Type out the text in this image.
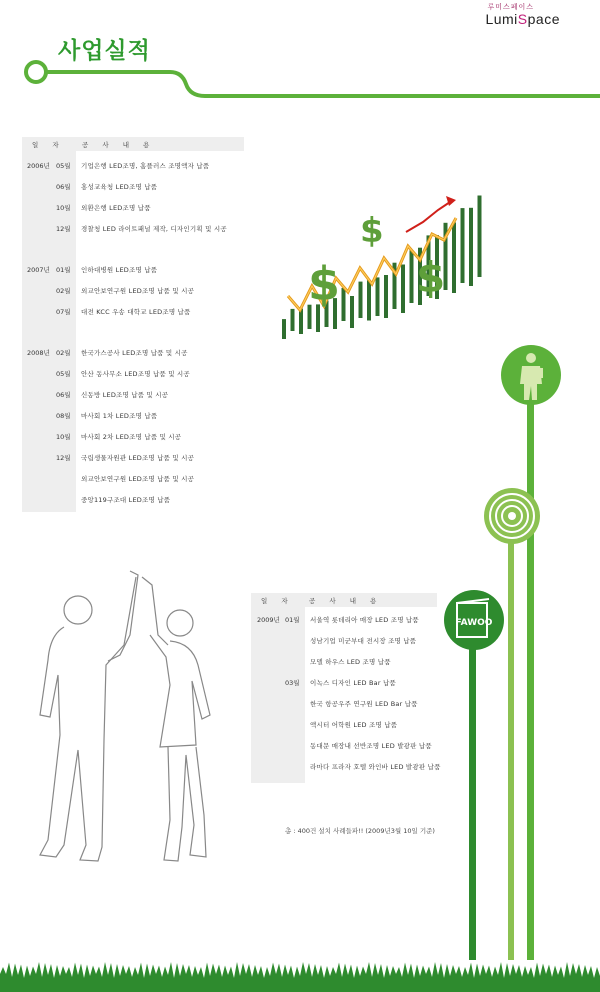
루미스페이스
LumiSpace
사업실적
일 자	공 사 내 용
2006년 05월 기업은행 LED조명, 홈플러스 조명액자 납품
06월 홍성교육청 LED조명 납품
10월 외환은행 LED조명 납품
12월 경찰청 LED 라이트패널 제작, 디자인기획 및 시공
2007년 01월 인하대병원 LED조명 납품
02월 외교안보연구원 LED조명 납품 및 시공
07월 대전 KCC 우송 대학교 LED조명 납품
2008년 02월 한국가스공사 LED조명 납품 및 시공
05월 안산 동사무소 LED조명 납품 및 시공
06월 신동방 LED조명 납품 및 시공
08월 마사회 1차 LED조명 납품
10월 마사회 2차 LED조명 납품 및 시공
12월 국립생물자원관 LED조명 납품 및 시공
외교안보연구원 LED조명 납품 및 시공
중앙119구조대 LED조명 납품
일 자 공 사 내 용
2009년 01월 서울역 롯데리아 매장 LED 조명 납품
성남기업 미군부대 전시장 조명 납품
모델 하우스 LED 조명 납품
03월 이녹스 디자인 LED Bar 납품
한국 항공우주 연구원 LED Bar 납품
액시터 어학원 LED 조명 납품
동대문 매장내 선반조명 LED 발광판 납품
라마다 프라자 호텔 와인바 LED 발광판 납품
총 : 400건 설치 사례들파!! (2009년3월 10일 기준)
$
$
$
FAWOO
